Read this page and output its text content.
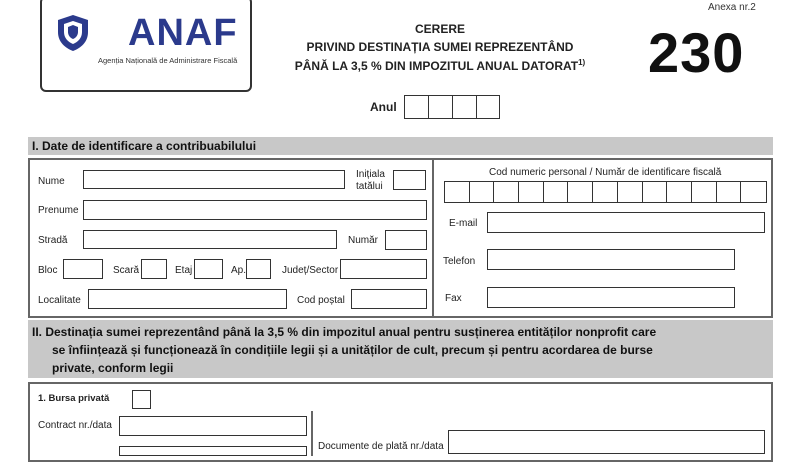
ANAF
Agenția Națională de Administrare Fiscală
CERERE
PRIVIND DESTINAȚIA SUMEI REPREZENTÂND
PÂNĂ LA 3,5 % DIN IMPOZITUL ANUAL DATORAT$^{1)}$
Anexa nr.2
230
Anul
I. Date de identificare a contribuabilului
Nume
Inițiala
tatălui
Prenume
Stradă	Număr
Bloc	Scară	Etaj	Ap.	Județ/Sector
Localitate	Cod poștal
Cod numeric personal / Număr de identificare fiscală
E-mail
Telefon
Fax
II. Destinația sumei reprezentând până la 3,5 % din impozitul anual pentru susținerea entităților nonprofit care
se înființează și funcționează în condițiile legii și a unităților de cult, precum și pentru acordarea de burse
private, conform legii
1. Bursa privată
Contract nr./data
Documente de plată nr./data
